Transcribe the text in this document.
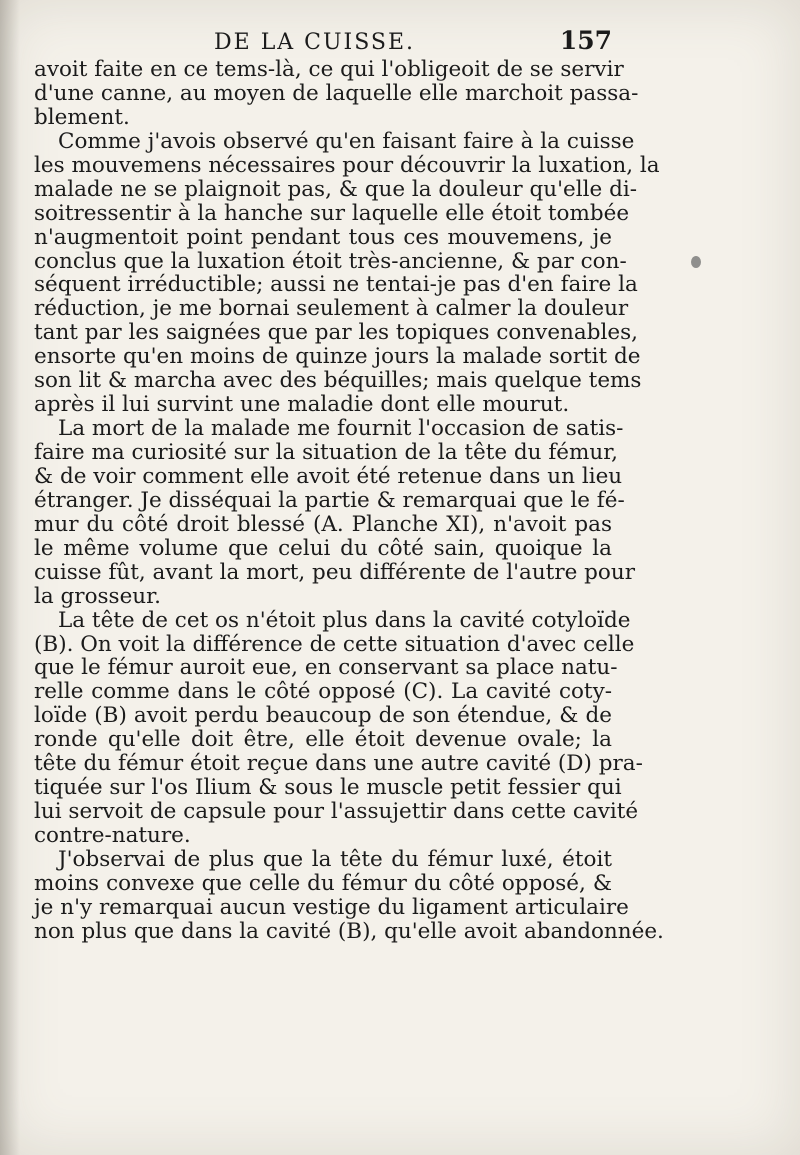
DE LA CUISSE.	157
avoit faite en ce tems-là, ce qui l'obligeoit de se servir
d'une canne, au moyen de laquelle elle marchoit passa-
blement.
Comme j'avois observé qu'en faisant faire à la cuisse
les mouvemens nécessaires pour découvrir la luxation, la
malade ne se plaignoit pas, & que la douleur qu'elle di-
soitressentir à la hanche sur laquelle elle étoit tombée
n'augmentoit point pendant tous ces mouvemens, je
conclus que la luxation étoit très-ancienne, & par con-
séquent irréductible; aussi ne tentai-je pas d'en faire la
réduction, je me bornai seulement à calmer la douleur
tant par les saignées que par les topiques convenables,
ensorte qu'en moins de quinze jours la malade sortit de
son lit & marcha avec des béquilles; mais quelque tems
après il lui survint une maladie dont elle mourut.
La mort de la malade me fournit l'occasion de satis-
faire ma curiosité sur la situation de la tête du fémur,
& de voir comment elle avoit été retenue dans un lieu
étranger. Je disséquai la partie & remarquai que le fé-
mur du côté droit blessé (A. Planche XI), n'avoit pas
le même volume que celui du côté sain, quoique la
cuisse fût, avant la mort, peu différente de l'autre pour
la grosseur.
La tête de cet os n'étoit plus dans la cavité cotyloïde
(B). On voit la différence de cette situation d'avec celle
que le fémur auroit eue, en conservant sa place natu-
relle comme dans le côté opposé (C). La cavité coty-
loïde (B) avoit perdu beaucoup de son étendue, & de
ronde qu'elle doit être, elle étoit devenue ovale; la
tête du fémur étoit reçue dans une autre cavité (D) pra-
tiquée sur l'os Ilium & sous le muscle petit fessier qui
lui servoit de capsule pour l'assujettir dans cette cavité
contre-nature.
J'observai de plus que la tête du fémur luxé, étoit
moins convexe que celle du fémur du côté opposé, &
je n'y remarquai aucun vestige du ligament articulaire
non plus que dans la cavité (B), qu'elle avoit abandonnée.
